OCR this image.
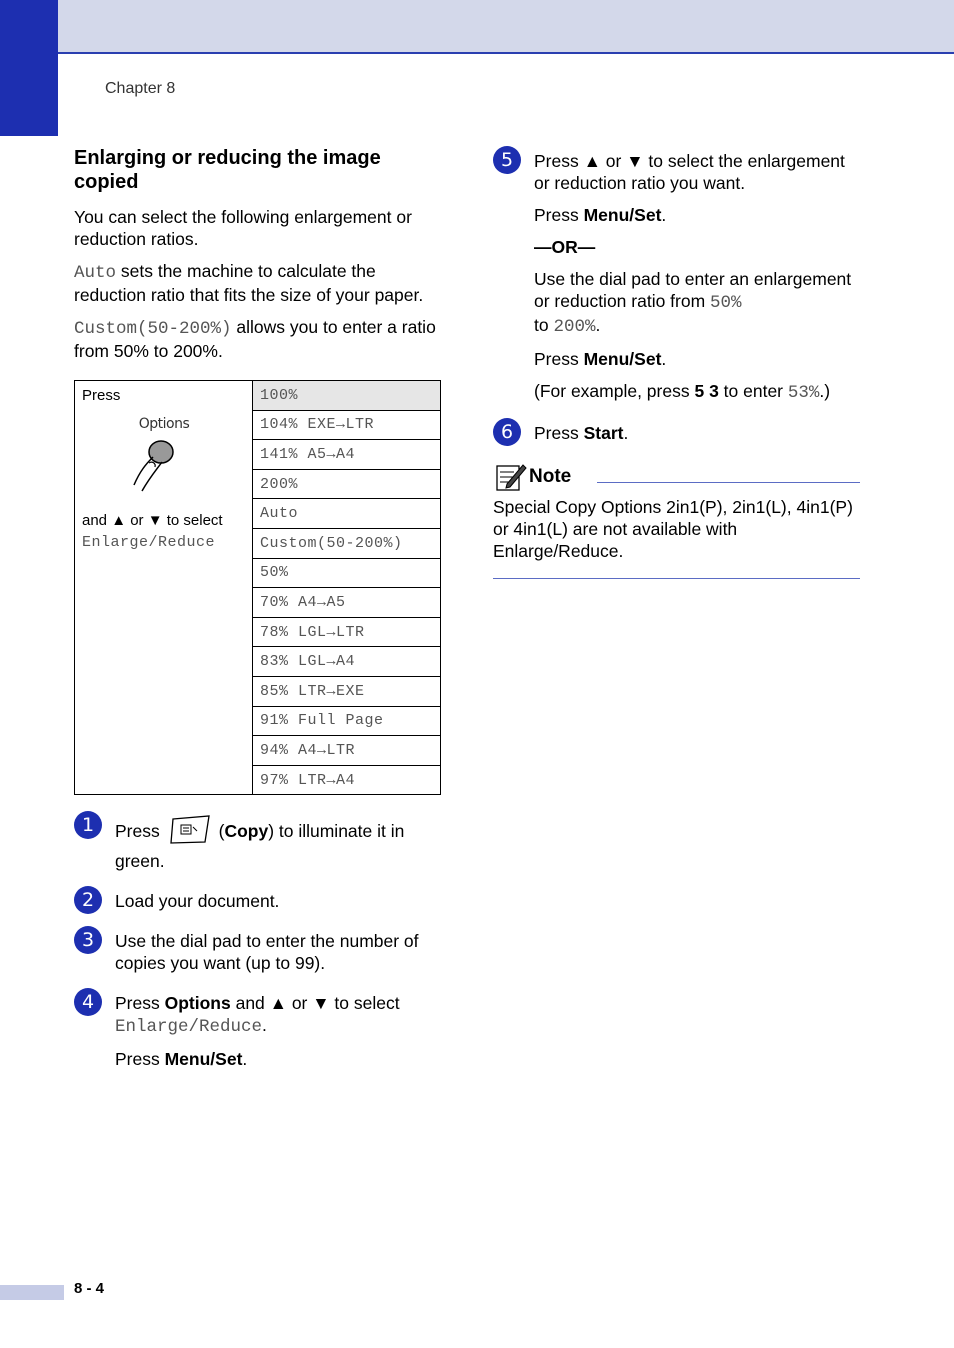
Chapter 8
Enlarging or reducing the image copied

You can select the following enlargement or reduction ratios.

Auto sets the machine to calculate the reduction ratio that fits the size of your paper.

Custom(50-200%) allows you to enter a ratio from 50% to 200%.

Press
Options
and ▲ or ▼ to select
Enlarge/Reduce
	100%
104% EXE→LTR
141% A5→A4
200%
Auto
Custom(50-200%)
50%
70% A4→A5
78% LGL→LTR
83% LGL→A4
85% LTR→EXE
91% Full Page
94% A4→LTR
97% LTR→A4
1	Press	(Copy) to illuminate it in green.

2	Load your document.

3	Use the dial pad to enter the number of copies you want (up to 99).

4	Press Options and ▲ or ▼ to select
Enlarge/Reduce.

Press Menu/Set.

5	Press ▲ or ▼ to select the enlargement or reduction ratio you want.

Press Menu/Set.

—OR—

Use the dial pad to enter an enlargement or reduction ratio from 50%
to 200%.

Press Menu/Set.

(For example, press 5 3 to enter 53%.)

6	Press Start.

Note

Special Copy Options 2in1(P), 2in1(L), 4in1(P) or 4in1(L) are not available with Enlarge/Reduce.

8 - 4
